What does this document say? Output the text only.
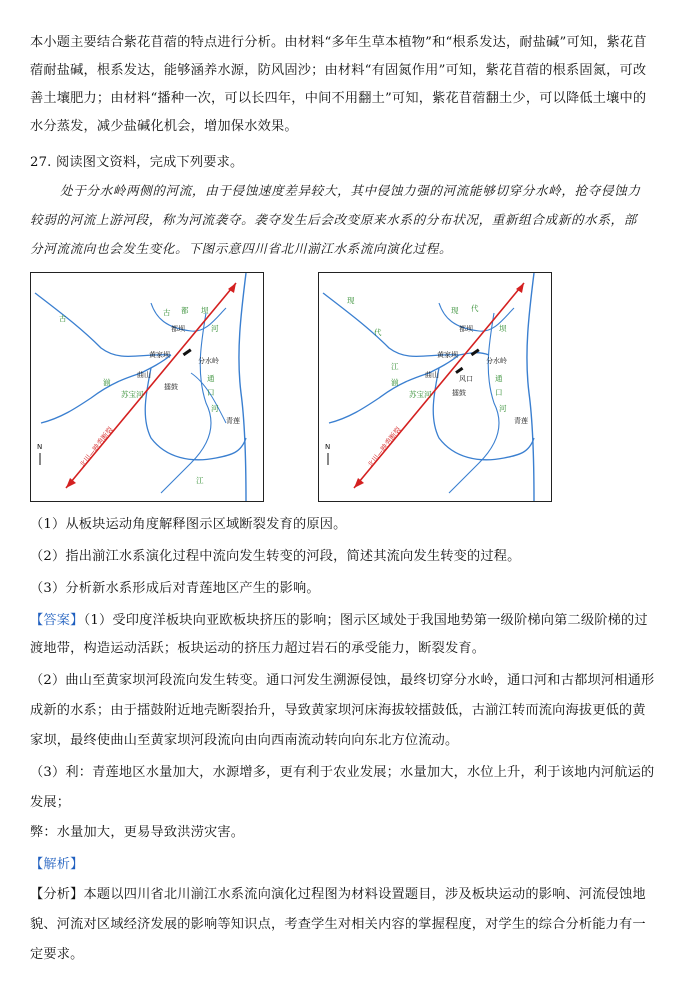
本小题主要结合紫花苜蓿的特点进行分析。由材料“多年生草本植物”和“根系发达，耐盐碱”可知，紫花苜

蓿耐盐碱，根系发达，能够涵养水源，防风固沙；由材料“有固氮作用”可知，紫花苜蓿的根系固氮，可改

善土壤肥力；由材料“播种一次，可以长四年，中间不用翻土”可知，紫花苜蓿翻土少，可以降低土壤中的

水分蒸发，减少盐碱化机会，增加保水效果。

27. 阅读图文资料，完成下列要求。

处于分水岭两侧的河流，由于侵蚀速度差异较大，其中侵蚀力强的河流能够切穿分水岭，抢夺侵蚀力

较弱的河流上游河段，称为河流袭夺。袭夺发生后会改变原来水系的分布状况，重新组合成新的水系，部

分河流流向也会发生变化。下图示意四川省北川湔江水系流向演化过程。

古
古 都 坝
河
都坝
黄家坝
分水岭
曲山
擂鼓
通
口
河
湔
苏宝河
江
青莲
北川—映秀断裂
N
现
代
现 代
坝
都坝
黄家坝
分水岭
曲山	风口
擂鼓
通
口
河
江
湔
苏宝河
青莲
北川—映秀断裂
N

（1）从板块运动角度解释图示区域断裂发育的原因。

（2）指出湔江水系演化过程中流向发生转变的河段，简述其流向发生转变的过程。

（3）分析新水系形成后对青莲地区产生的影响。

【答案】（1）受印度洋板块向亚欧板块挤压的影响；图示区域处于我国地势第一级阶梯向第二级阶梯的过

渡地带，构造运动活跃；板块运动的挤压力超过岩石的承受能力，断裂发育。

（2）曲山至黄家坝河段流向发生转变。通口河发生溯源侵蚀，最终切穿分水岭，通口河和古都坝河相通形

成新的水系；由于擂鼓附近地壳断裂抬升，导致黄家坝河床海拔较擂鼓低，古湔江转而流向海拔更低的黄

家坝，最终使曲山至黄家坝河段流向由向西南流动转向向东北方位流动。

（3）利：青莲地区水量加大，水源增多，更有利于农业发展；水量加大，水位上升，利于该地内河航运的

发展；

弊：水量加大，更易导致洪涝灾害。

【解析】

【分析】本题以四川省北川湔江水系流向演化过程图为材料设置题目，涉及板块运动的影响、河流侵蚀地

貌、河流对区域经济发展的影响等知识点，考查学生对相关内容的掌握程度，对学生的综合分析能力有一

定要求。
